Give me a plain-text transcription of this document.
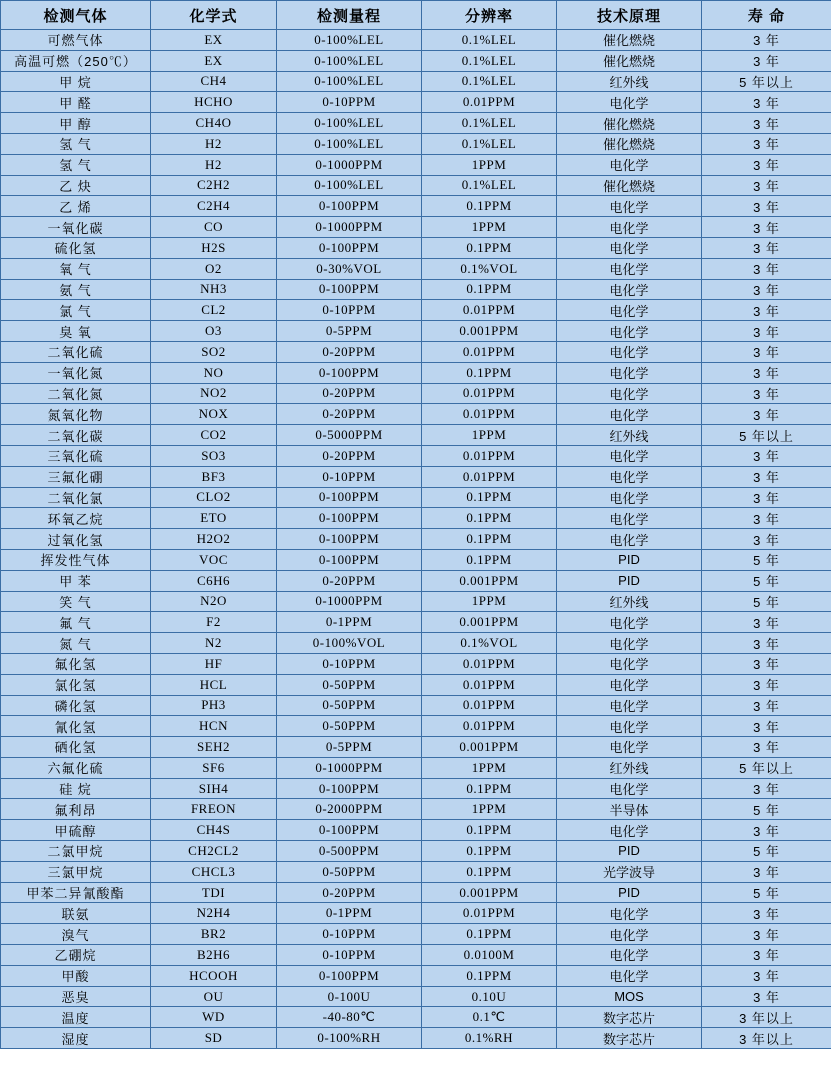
检测气体	化学式	检测量程	分辨率	技术原理	寿 命
可燃气体	EX	0-100%LEL	0.1%LEL	催化燃烧	3 年
高温可燃（250℃）	EX	0-100%LEL	0.1%LEL	催化燃烧	3 年
甲 烷	CH4	0-100%LEL	0.1%LEL	红外线	5 年以上
甲 醛	HCHO	0-10PPM	0.01PPM	电化学	3 年
甲 醇	CH4O	0-100%LEL	0.1%LEL	催化燃烧	3 年
氢 气	H2	0-100%LEL	0.1%LEL	催化燃烧	3 年
氢 气	H2	0-1000PPM	1PPM	电化学	3 年
乙 炔	C2H2	0-100%LEL	0.1%LEL	催化燃烧	3 年
乙 烯	C2H4	0-100PPM	0.1PPM	电化学	3 年
一氧化碳	CO	0-1000PPM	1PPM	电化学	3 年
硫化氢	H2S	0-100PPM	0.1PPM	电化学	3 年
氧 气	O2	0-30%VOL	0.1%VOL	电化学	3 年
氨 气	NH3	0-100PPM	0.1PPM	电化学	3 年
氯 气	CL2	0-10PPM	0.01PPM	电化学	3 年
臭 氧	O3	0-5PPM	0.001PPM	电化学	3 年
二氧化硫	SO2	0-20PPM	0.01PPM	电化学	3 年
一氧化氮	NO	0-100PPM	0.1PPM	电化学	3 年
二氧化氮	NO2	0-20PPM	0.01PPM	电化学	3 年
氮氧化物	NOX	0-20PPM	0.01PPM	电化学	3 年
二氧化碳	CO2	0-5000PPM	1PPM	红外线	5 年以上
三氧化硫	SO3	0-20PPM	0.01PPM	电化学	3 年
三氟化硼	BF3	0-10PPM	0.01PPM	电化学	3 年
二氧化氯	CLO2	0-100PPM	0.1PPM	电化学	3 年
环氧乙烷	ETO	0-100PPM	0.1PPM	电化学	3 年
过氧化氢	H2O2	0-100PPM	0.1PPM	电化学	3 年
挥发性气体	VOC	0-100PPM	0.1PPM	PID	5 年
甲 苯	C6H6	0-20PPM	0.001PPM	PID	5 年
笑 气	N2O	0-1000PPM	1PPM	红外线	5 年
氟 气	F2	0-1PPM	0.001PPM	电化学	3 年
氮 气	N2	0-100%VOL	0.1%VOL	电化学	3 年
氟化氢	HF	0-10PPM	0.01PPM	电化学	3 年
氯化氢	HCL	0-50PPM	0.01PPM	电化学	3 年
磷化氢	PH3	0-50PPM	0.01PPM	电化学	3 年
氰化氢	HCN	0-50PPM	0.01PPM	电化学	3 年
硒化氢	SEH2	0-5PPM	0.001PPM	电化学	3 年
六氟化硫	SF6	0-1000PPM	1PPM	红外线	5 年以上
硅 烷	SIH4	0-100PPM	0.1PPM	电化学	3 年
氟利昂	FREON	0-2000PPM	1PPM	半导体	5 年
甲硫醇	CH4S	0-100PPM	0.1PPM	电化学	3 年
二氯甲烷	CH2CL2	0-500PPM	0.1PPM	PID	5 年
三氯甲烷	CHCL3	0-50PPM	0.1PPM	光学波导	3 年
甲苯二异氰酸酯	TDI	0-20PPM	0.001PPM	PID	5 年
联氨	N2H4	0-1PPM	0.01PPM	电化学	3 年
溴气	BR2	0-10PPM	0.1PPM	电化学	3 年
乙硼烷	B2H6	0-10PPM	0.0100M	电化学	3 年
甲酸	HCOOH	0-100PPM	0.1PPM	电化学	3 年
恶臭	OU	0-100U	0.10U	MOS	3 年
温度	WD	-40-80℃	0.1℃	数字芯片	3 年以上
湿度	SD	0-100%RH	0.1%RH	数字芯片	3 年以上
